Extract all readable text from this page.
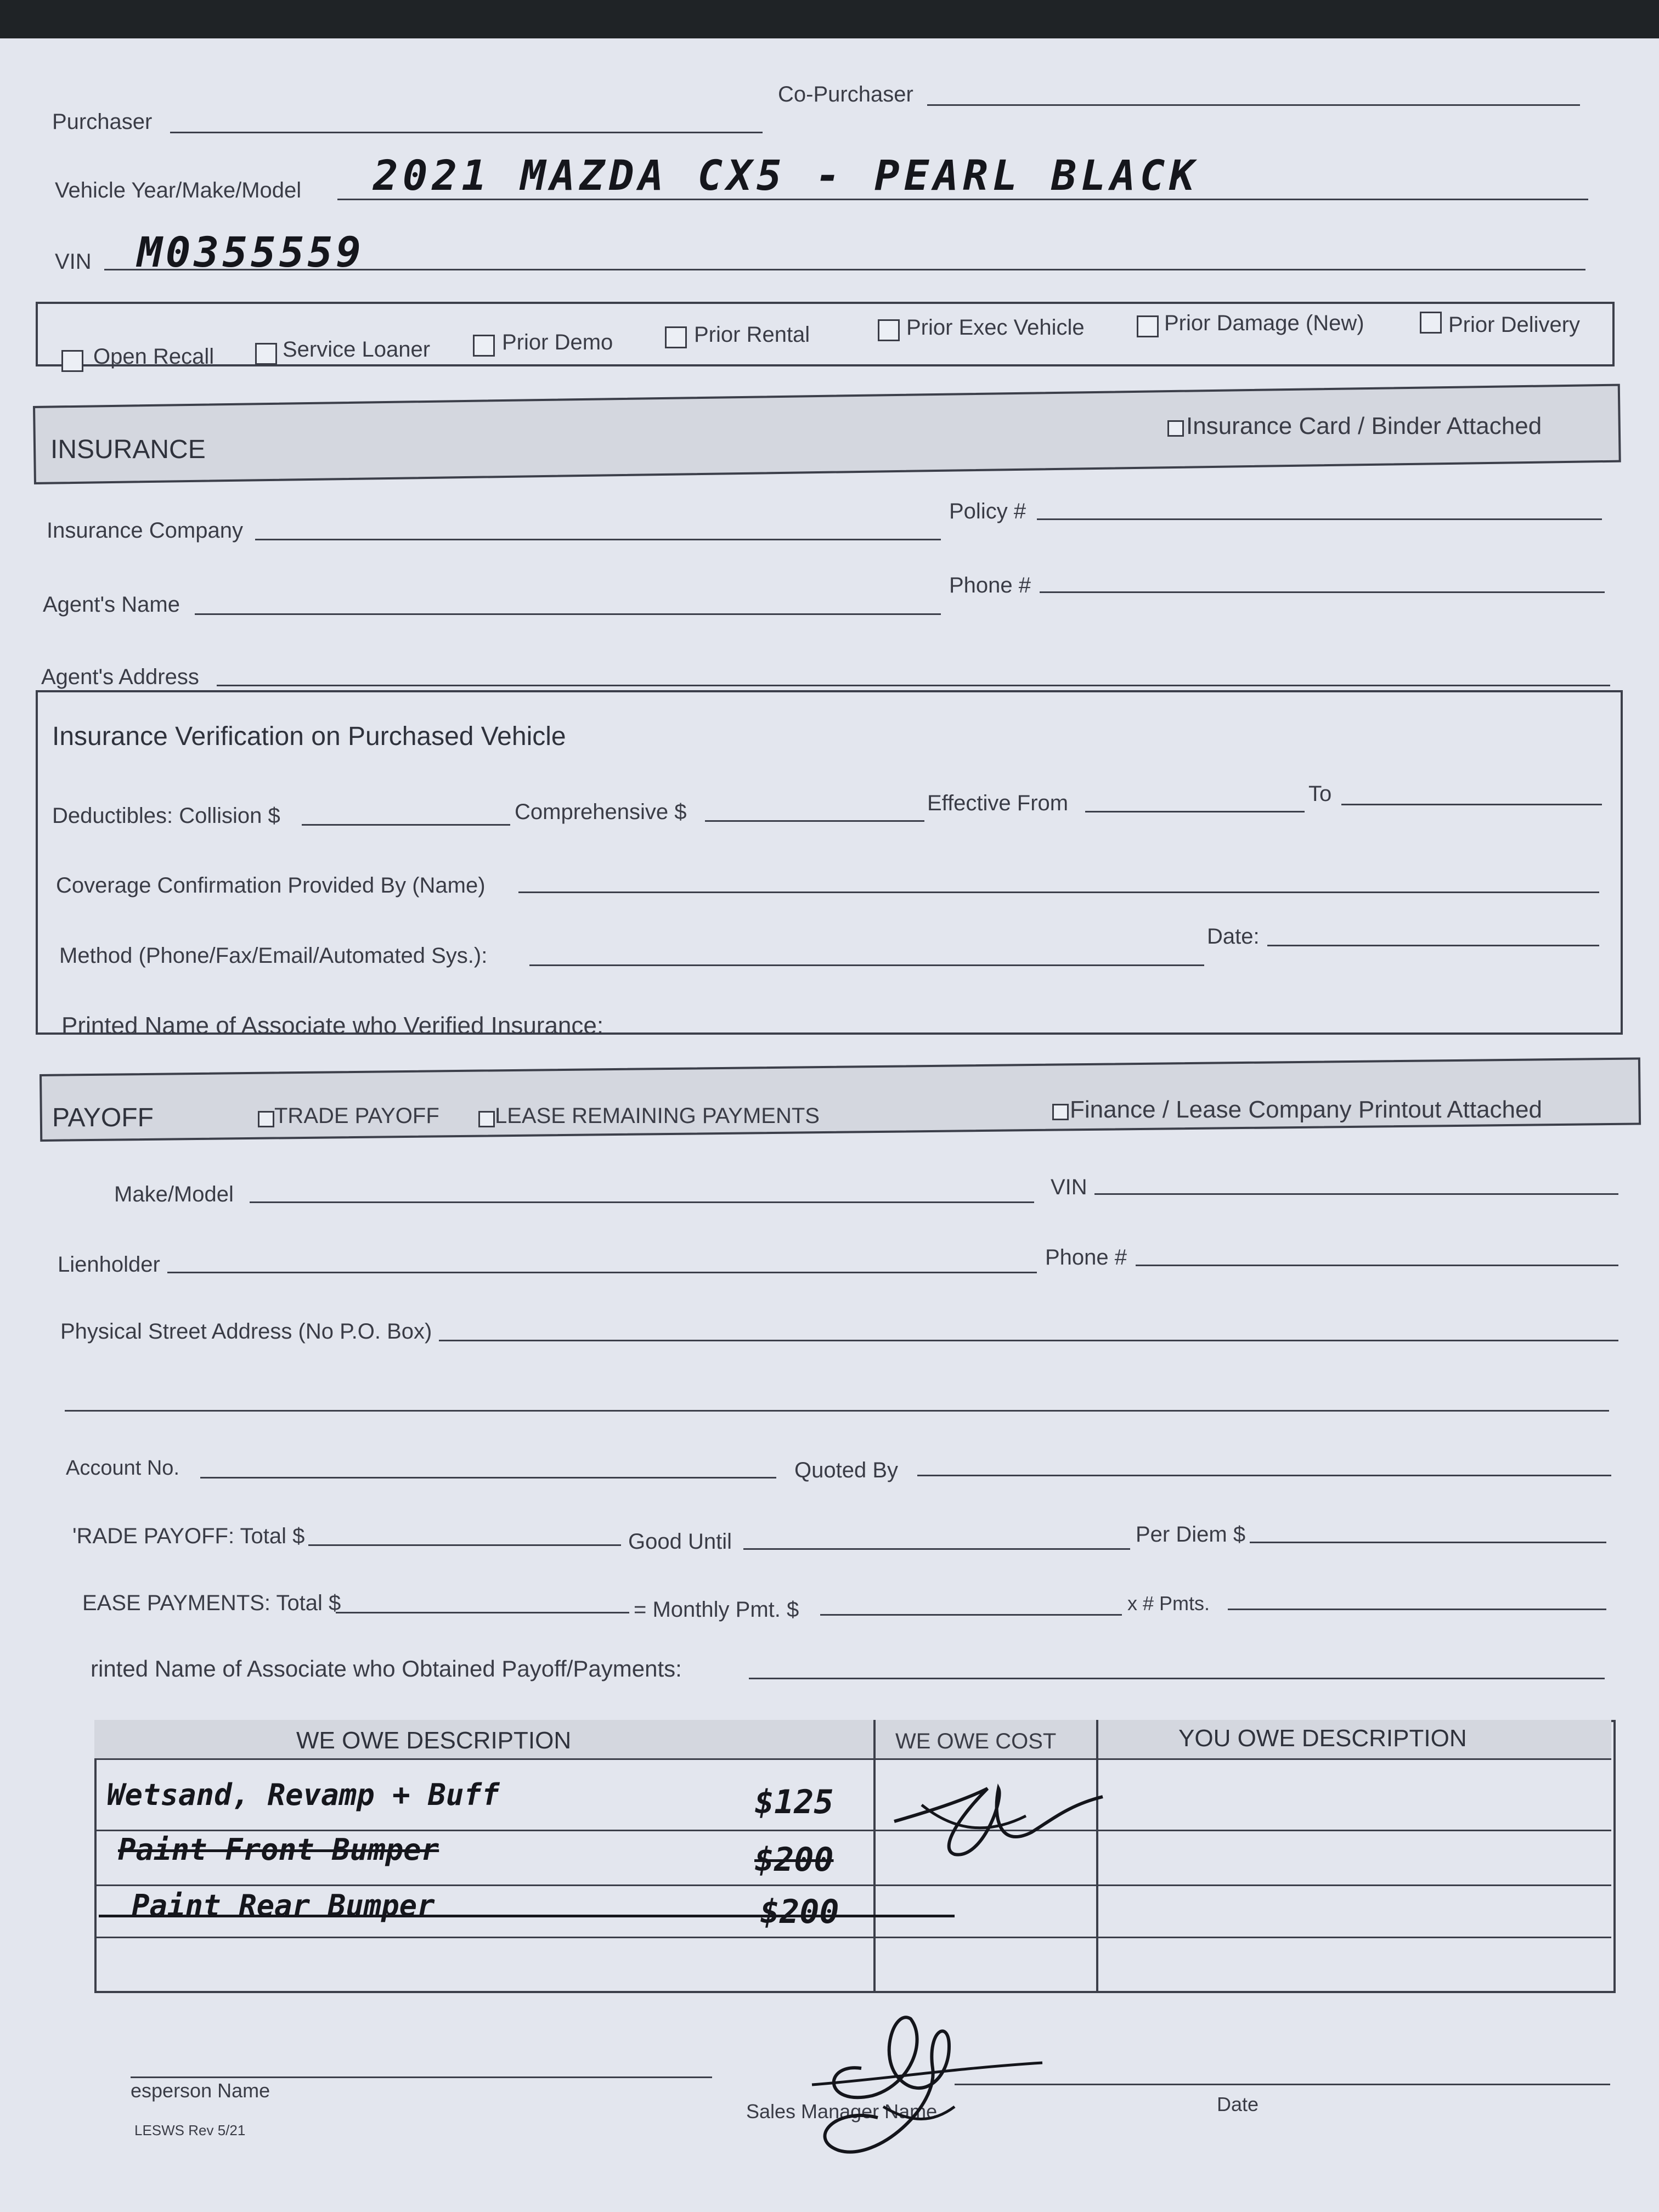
Purchaser
Co-Purchaser
Vehicle Year/Make/Model 2021 MAZDA CX5 - PEARL BLACK
VIN M0355559
Open Recall	Service Loaner	Prior Demo	Prior Rental	Prior Exec Vehicle	Prior Damage (New)	Prior Delivery
INSURANCE
Insurance Card / Binder Attached
Insurance Company
Policy #
Agent's Name
Phone #
Agent's Address
Insurance Verification on Purchased Vehicle
Deductibles: Collision $	Comprehensive $	Effective From	To
Coverage Confirmation Provided By (Name)
Method (Phone/Fax/Email/Automated Sys.):
Date:
Printed Name of Associate who Verified Insurance:
PAYOFF	TRADE PAYOFF	LEASE REMAINING PAYMENTS	Finance / Lease Company Printout Attached
Make/Model	VIN
Lienholder	Phone #
Physical Street Address (No P.O. Box)
Account No.	Quoted By
'RADE PAYOFF: Total $	Good Until	Per Diem $
EASE PAYMENTS: Total $	= Monthly Pmt. $	x # Pmts.
rinted Name of Associate who Obtained Payoff/Payments:
WE OWE DESCRIPTION	WE OWE COST	YOU OWE DESCRIPTION
Wetsand, Revamp + Buff	$125
Paint Front Bumper	$200
Paint Rear Bumper	$200
esperson Name
Sales Manager Name	Date
LESWS Rev 5/21
